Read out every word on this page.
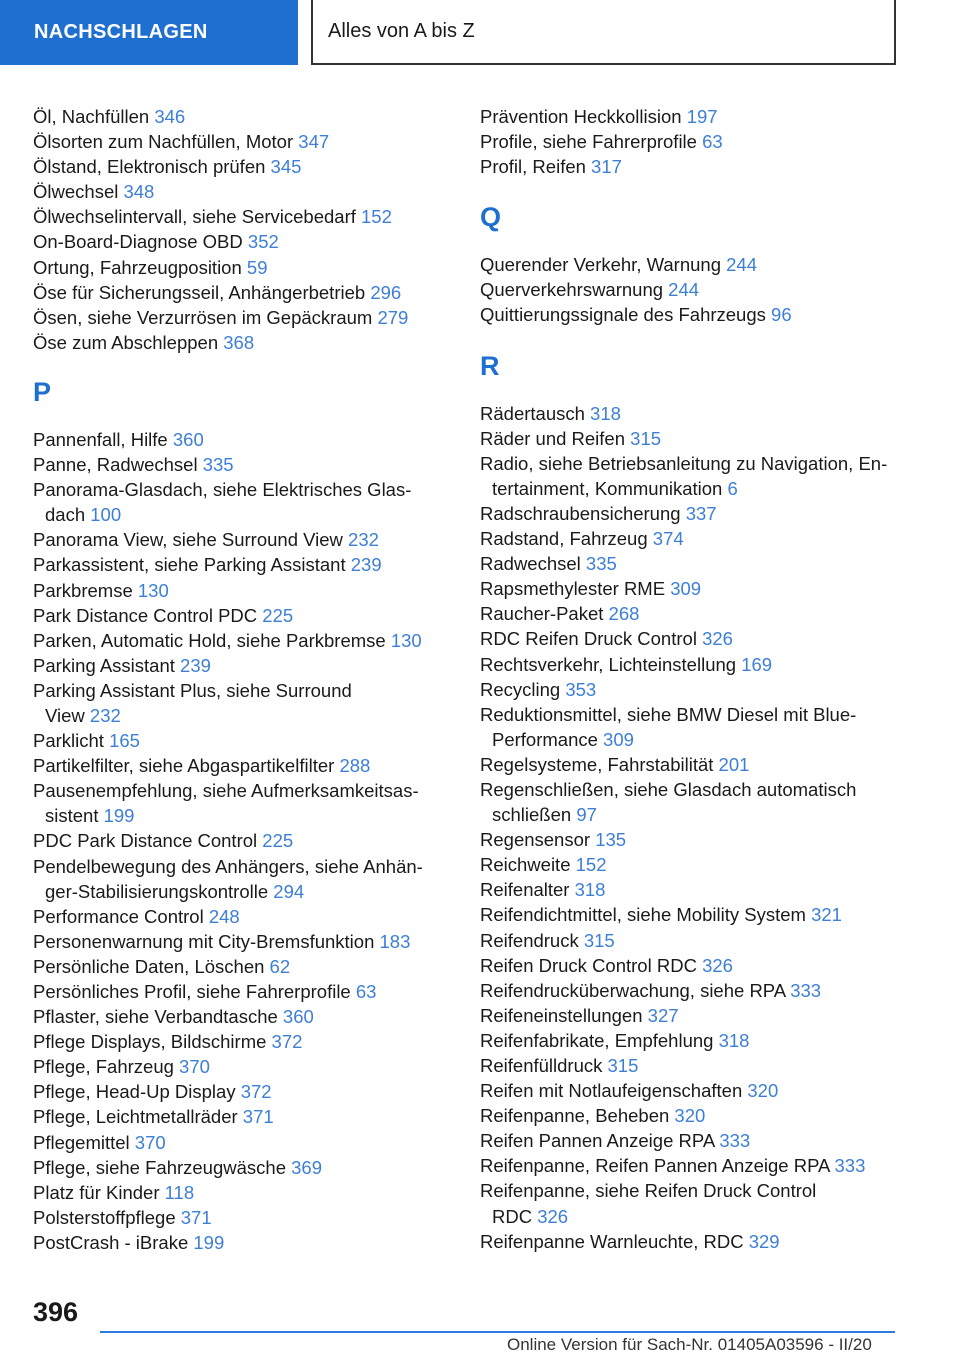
NACHSCHLAGEN	Alles von A bis Z
Öl, Nachfüllen 346
Ölsorten zum Nachfüllen, Motor 347
Ölstand, Elektronisch prüfen 345
Ölwechsel 348
Ölwechselintervall, siehe Servicebedarf 152
On-Board-Diagnose OBD 352
Ortung, Fahrzeugposition 59
Öse für Sicherungsseil, Anhängerbetrieb 296
Ösen, siehe Verzurrösen im Gepäckraum 279
Öse zum Abschleppen 368
P
Pannenfall, Hilfe 360
Panne, Radwechsel 335
Panorama-Glasdach, siehe Elektrisches Glas-
dach 100
Panorama View, siehe Surround View 232
Parkassistent, siehe Parking Assistant 239
Parkbremse 130
Park Distance Control PDC 225
Parken, Automatic Hold, siehe Parkbremse 130
Parking Assistant 239
Parking Assistant Plus, siehe Surround
View 232
Parklicht 165
Partikelfilter, siehe Abgaspartikelfilter 288
Pausenempfehlung, siehe Aufmerksamkeitsas-
sistent 199
PDC Park Distance Control 225
Pendelbewegung des Anhängers, siehe Anhän-
ger-Stabilisierungskontrolle 294
Performance Control 248
Personenwarnung mit City-Bremsfunktion 183
Persönliche Daten, Löschen 62
Persönliches Profil, siehe Fahrerprofile 63
Pflaster, siehe Verbandtasche 360
Pflege Displays, Bildschirme 372
Pflege, Fahrzeug 370
Pflege, Head-Up Display 372
Pflege, Leichtmetallräder 371
Pflegemittel 370
Pflege, siehe Fahrzeugwäsche 369
Platz für Kinder 118
Polsterstoffpflege 371
PostCrash - iBrake 199
Prävention Heckkollision 197
Profile, siehe Fahrerprofile 63
Profil, Reifen 317
Q
Querender Verkehr, Warnung 244
Querverkehrswarnung 244
Quittierungssignale des Fahrzeugs 96
R
Rädertausch 318
Räder und Reifen 315
Radio, siehe Betriebsanleitung zu Navigation, En-
tertainment, Kommunikation 6
Radschraubensicherung 337
Radstand, Fahrzeug 374
Radwechsel 335
Rapsmethylester RME 309
Raucher-Paket 268
RDC Reifen Druck Control 326
Rechtsverkehr, Lichteinstellung 169
Recycling 353
Reduktionsmittel, siehe BMW Diesel mit Blue-
Performance 309
Regelsysteme, Fahrstabilität 201
Regenschließen, siehe Glasdach automatisch
schließen 97
Regensensor 135
Reichweite 152
Reifenalter 318
Reifendichtmittel, siehe Mobility System 321
Reifendruck 315
Reifen Druck Control RDC 326
Reifendrucküberwachung, siehe RPA 333
Reifeneinstellungen 327
Reifenfabrikate, Empfehlung 318
Reifenfülldruck 315
Reifen mit Notlaufeigenschaften 320
Reifenpanne, Beheben 320
Reifen Pannen Anzeige RPA 333
Reifenpanne, Reifen Pannen Anzeige RPA 333
Reifenpanne, siehe Reifen Druck Control
RDC 326
Reifenpanne Warnleuchte, RDC 329
396
Online Version für Sach-Nr. 01405A03596 - II/20
